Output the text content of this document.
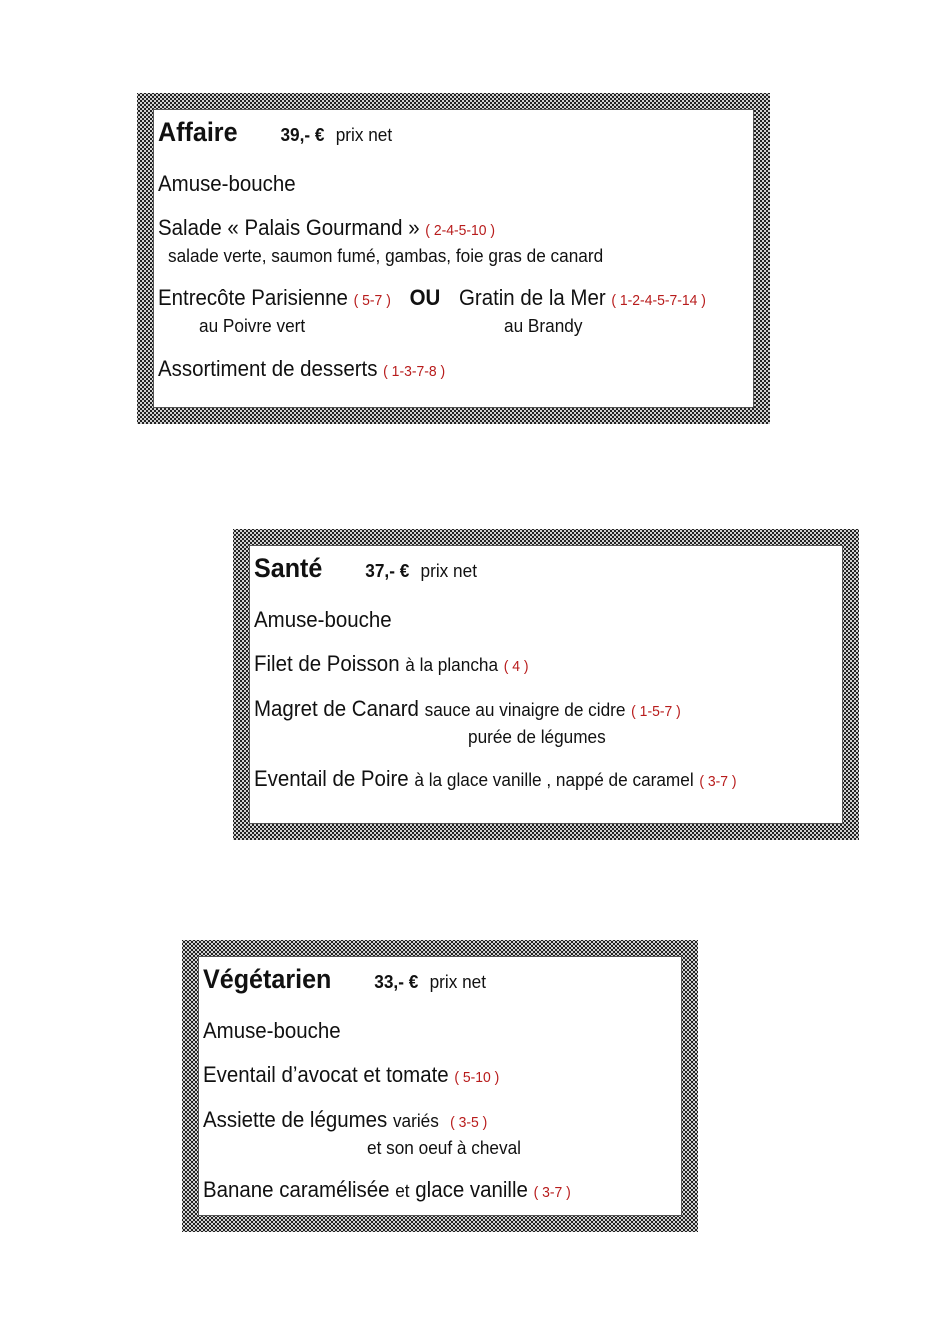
Affaire 39,- € prix net
Amuse-bouche
Salade « Palais Gourmand » ( 2-4-5-10 )
salade verte, saumon fumé, gambas, foie gras de canard
Entrecôte Parisienne ( 5-7 ) OU Gratin de la Mer ( 1-2-4-5-7-14 )
au Poivre vert	au Brandy
Assortiment de desserts ( 1-3-7-8 )
Santé 37,- € prix net
Amuse-bouche
Filet de Poisson à la plancha ( 4 )
Magret de Canard sauce au vinaigre de cidre ( 1-5-7 )
purée de légumes
Eventail de Poire à la glace vanille , nappé de caramel ( 3-7 )
Végétarien 33,- € prix net
Amuse-bouche
Eventail d’avocat et tomate ( 5-10 )
Assiette de légumes variés ( 3-5 )
et son oeuf à cheval
Banane caramélisée et glace vanille ( 3-7 )
